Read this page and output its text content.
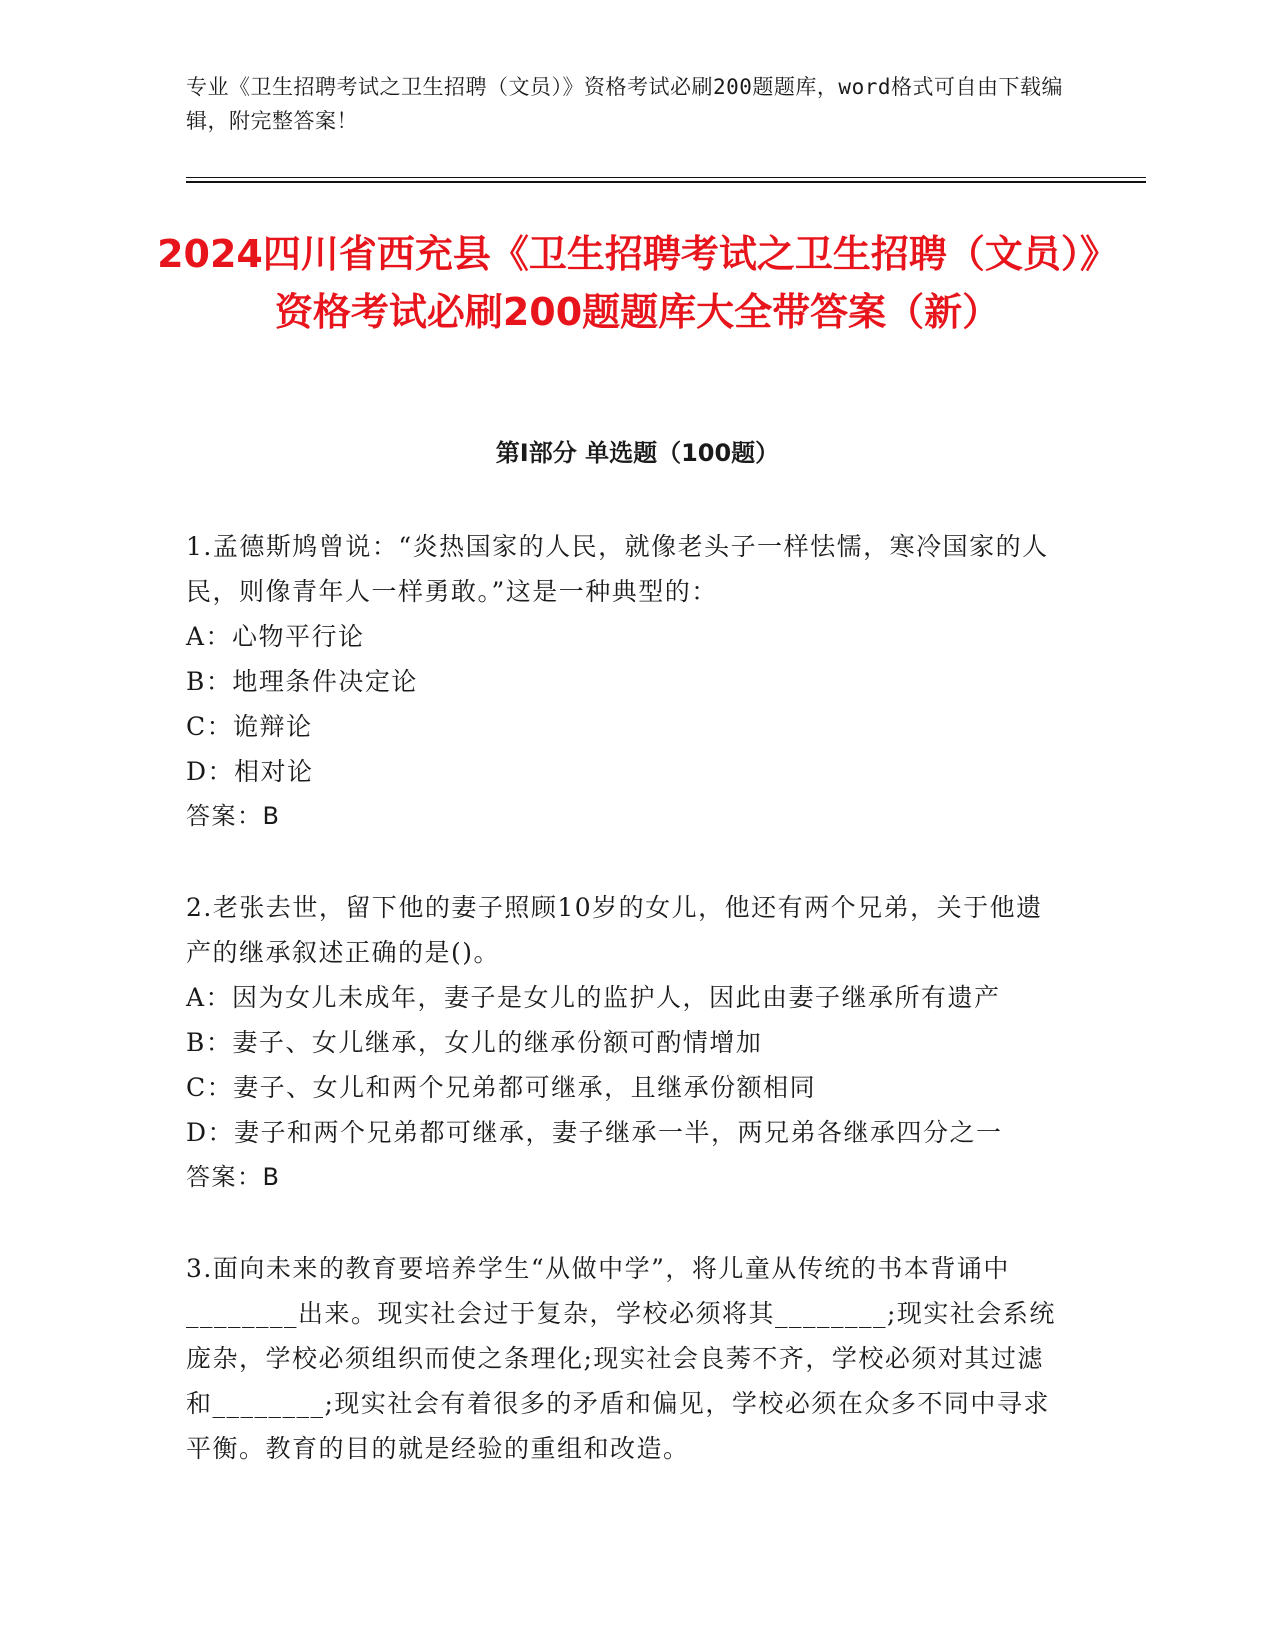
专业《卫生招聘考试之卫生招聘（文员）》资格考试必刷200题题库，word格式可自由下载编辑，附完整答案！
2024四川省西充县《卫生招聘考试之卫生招聘（文员）》资格考试必刷200题题库大全带答案（新）
第I部分 单选题（100题）

1.孟德斯鸠曾说：“炎热国家的人民，就像老头子一样怯懦，寒冷国家的人民，则像青年人一样勇敢。”这是一种典型的：

A：心物平行论

B：地理条件决定论

C：诡辩论

D：相对论

答案：B

2.老张去世，留下他的妻子照顾10岁的女儿，他还有两个兄弟，关于他遗产的继承叙述正确的是()。

A：因为女儿未成年，妻子是女儿的监护人，因此由妻子继承所有遗产

B：妻子、女儿继承，女儿的继承份额可酌情增加

C：妻子、女儿和两个兄弟都可继承，且继承份额相同

D：妻子和两个兄弟都可继承，妻子继承一半，两兄弟各继承四分之一

答案：B

3.面向未来的教育要培养学生“从做中学”，将儿童从传统的书本背诵中________出来。现实社会过于复杂，学校必须将其________;现实社会系统庞杂，学校必须组织而使之条理化;现实社会良莠不齐，学校必须对其过滤和________;现实社会有着很多的矛盾和偏见，学校必须在众多不同中寻求平衡。教育的目的就是经验的重组和改造。
